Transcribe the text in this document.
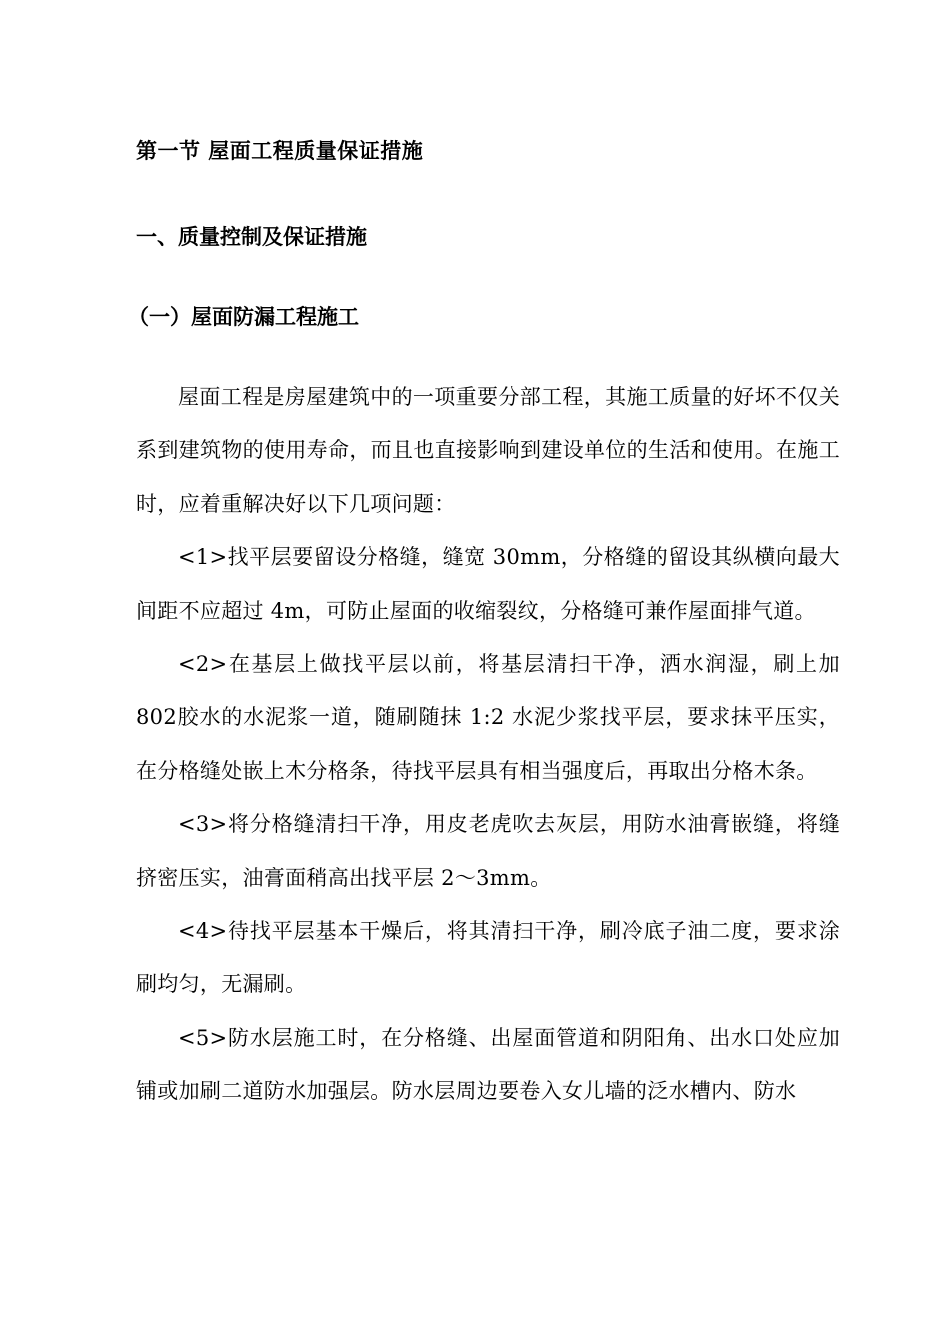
第一节 屋面工程质量保证措施
一、质量控制及保证措施
（一）屋面防漏工程施工

屋面工程是房屋建筑中的一项重要分部工程，其施工质量的好坏不仅关系到建筑物的使用寿命，而且也直接影响到建设单位的生活和使用。在施工时，应着重解决好以下几项问题：

<1>找平层要留设分格缝，缝宽 30mm，分格缝的留设其纵横向最大间距不应超过 4m，可防止屋面的收缩裂纹，分格缝可兼作屋面排气道。

<2>在基层上做找平层以前，将基层清扫干净，洒水润湿，刷上加 802胶水的水泥浆一道，随刷随抹 1:2 水泥少浆找平层，要求抹平压实，在分格缝处嵌上木分格条，待找平层具有相当强度后，再取出分格木条。

<3>将分格缝清扫干净，用皮老虎吹去灰层，用防水油膏嵌缝，将缝挤密压实，油膏面稍高出找平层 2～3mm。

<4>待找平层基本干燥后，将其清扫干净，刷冷底子油二度，要求涂刷均匀，无漏刷。

<5>防水层施工时，在分格缝、出屋面管道和阴阳角、出水口处应加铺或加刷二道防水加强层。防水层周边要卷入女儿墙的泛水槽内、防水
